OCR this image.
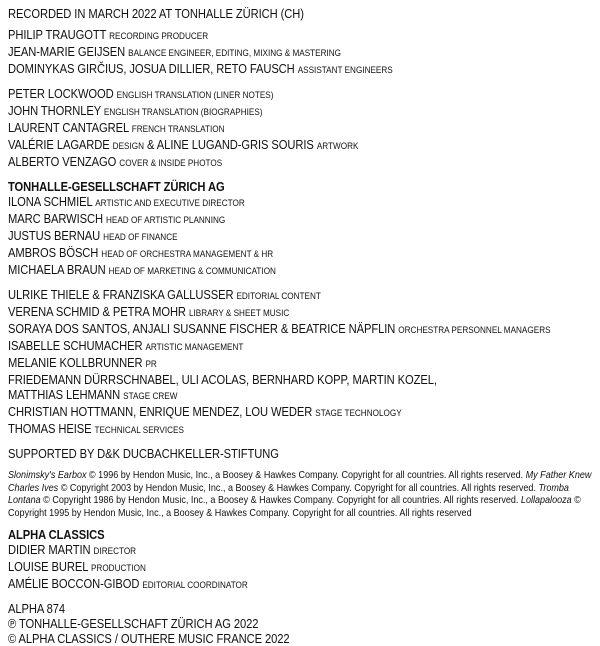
RECORDED IN MARCH 2022 AT TONHALLE ZÜRICH (CH)
PHILIP TRAUGOTT RECORDING PRODUCER
JEAN-MARIE GEIJSEN BALANCE ENGINEER, EDITING, MIXING & MASTERING
DOMINYKAS GIRČIUS, JOSUA DILLIER, RETO FAUSCH ASSISTANT ENGINEERS
PETER LOCKWOOD ENGLISH TRANSLATION (LINER NOTES)
JOHN THORNLEY ENGLISH TRANSLATION (BIOGRAPHIES)
LAURENT CANTAGREL FRENCH TRANSLATION
VALÉRIE LAGARDE DESIGN & ALINE LUGAND-GRIS SOURIS ARTWORK
ALBERTO VENZAGO COVER & INSIDE PHOTOS
TONHALLE-GESELLSCHAFT ZÜRICH AG
ILONA SCHMIEL ARTISTIC AND EXECUTIVE DIRECTOR
MARC BARWISCH HEAD OF ARTISTIC PLANNING
JUSTUS BERNAU HEAD OF FINANCE
AMBROS BÖSCH HEAD OF ORCHESTRA MANAGEMENT & HR
MICHAELA BRAUN HEAD OF MARKETING & COMMUNICATION
ULRIKE THIELE & FRANZISKA GALLUSSER EDITORIAL CONTENT
VERENA SCHMID & PETRA MOHR LIBRARY & SHEET MUSIC
SORAYA DOS SANTOS, ANJALI SUSANNE FISCHER & BEATRICE NÄPFLIN ORCHESTRA PERSONNEL MANAGERS
ISABELLE SCHUMACHER ARTISTIC MANAGEMENT
MELANIE KOLLBRUNNER PR
FRIEDEMANN DÜRRSCHNABEL, ULI ACOLAS, BERNHARD KOPP, MARTIN KOZEL,
MATTHIAS LEHMANN STAGE CREW
CHRISTIAN HOTTMANN, ENRIQUE MENDEZ, LOU WEDER STAGE TECHNOLOGY
THOMAS HEISE TECHNICAL SERVICES
SUPPORTED BY D&K DUCBACHKELLER-STIFTUNG
Slonimsky's Earbox © 1996 by Hendon Music, Inc., a Boosey & Hawkes Company. Copyright for all countries. All rights reserved. My Father Knew Charles Ives © Copyright 2003 by Hendon Music, Inc., a Boosey & Hawkes Company. Copyright for all countries. All rights reserved. Tromba Lontana © Copyright 1986 by Hendon Music, Inc., a Boosey & Hawkes Company. Copyright for all countries. All rights reserved. Lollapalooza © Copyright 1995 by Hendon Music, Inc., a Boosey & Hawkes Company. Copyright for all countries. All rights reserved
ALPHA CLASSICS
DIDIER MARTIN DIRECTOR
LOUISE BUREL PRODUCTION
AMÉLIE BOCCON-GIBOD EDITORIAL COORDINATOR
ALPHA 874
℗ TONHALLE-GESELLSCHAFT ZÜRICH AG 2022
© ALPHA CLASSICS / OUTHERE MUSIC FRANCE 2022
